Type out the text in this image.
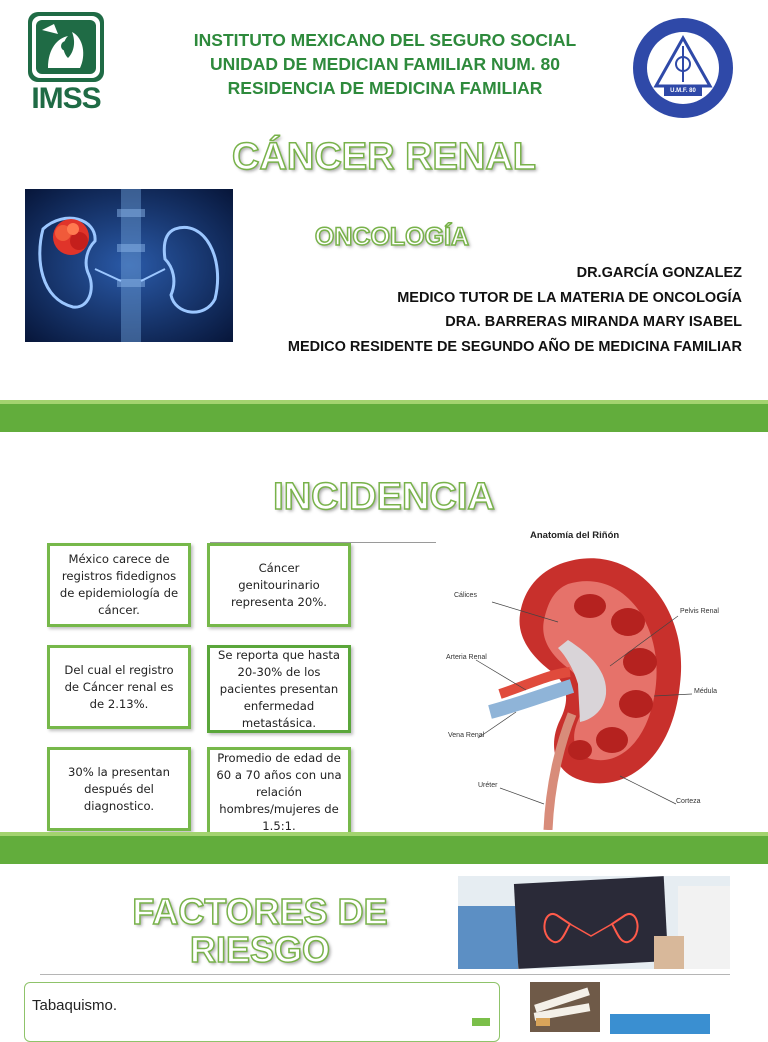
IMSS
INSTITUTO MEXICANO DEL SEGURO SOCIAL
UNIDAD DE MEDICIAN FAMILIAR NUM. 80
RESIDENCIA DE MEDICINA FAMILIAR	U.M.F. 80
CÁNCER RENAL
ONCOLOGÍA
DR.GARCÍA GONZALEZ
MEDICO TUTOR DE LA MATERIA DE ONCOLOGÍA
DRA. BARRERAS MIRANDA MARY ISABEL
MEDICO RESIDENTE DE SEGUNDO AÑO DE MEDICINA FAMILIAR
INCIDENCIA
México carece de registros fidedignos de epidemiología de cáncer.
Cáncer genitourinario representa 20%.
Del cual el registro de Cáncer renal es de 2.13%.
Se reporta que hasta 20-30% de los pacientes presentan enfermedad metastásica.
30% la presentan después del diagnostico.
Promedio de edad de 60 a 70 años con una relación hombres/mujeres de 1.5:1.
Anatomía del Riñón
Cálices
Pelvis Renal
Arteria Renal
Médula
Vena Renal
Uréter
Corteza
FACTORES DE
RIESGO
Tabaquismo.
